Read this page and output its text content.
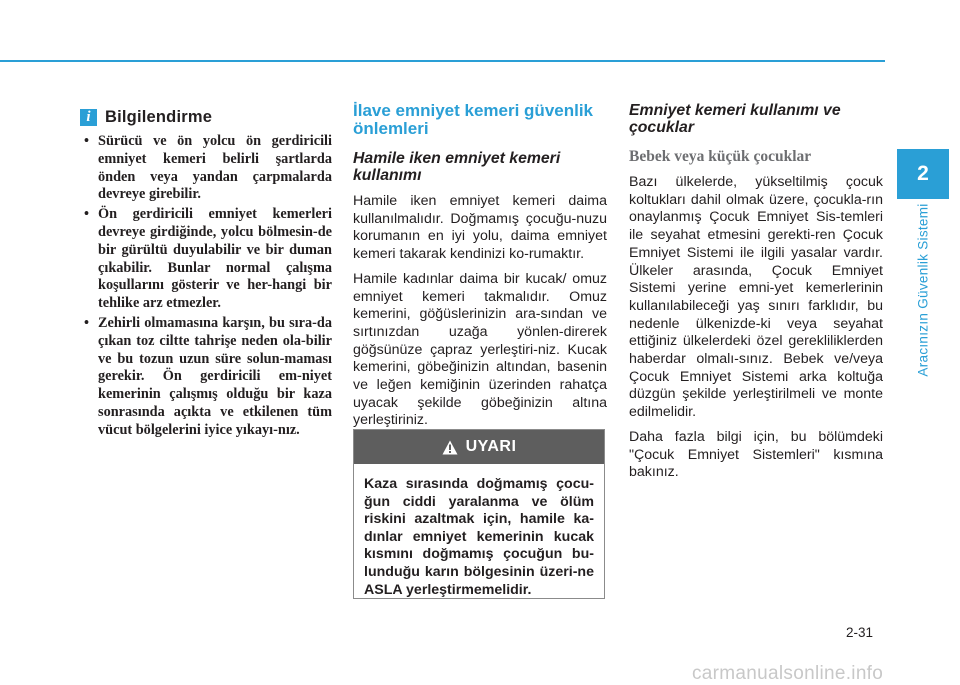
i Bilgilendirme
• Sürücü ve ön yolcu ön gerdiricili emniyet kemeri belirli şartlarda önden veya yandan çarpmalarda devreye girebilir.
• Ön gerdiricili emniyet kemerleri devreye girdiğinde, yolcu bölmesin-de bir gürültü duyulabilir ve bir duman çıkabilir. Bunlar normal çalışma koşullarını gösterir ve her-hangi bir tehlike arz etmezler.
• Zehirli olmamasına karşın, bu sıra-da çıkan toz ciltte tahrişe neden ola-bilir ve bu tozun uzun süre solun-maması gerekir. Ön gerdiricili em-niyet kemerinin çalışmış olduğu bir kaza sonrasında açıkta ve etkilenen tüm vücut bölgelerini iyice yıkayı-nız.
İlave emniyet kemeri güvenlik önlemleri
Hamile iken emniyet kemeri kullanımı

Hamile iken emniyet kemeri daima kullanılmalıdır. Doğmamış çocuğu-nuzu korumanın en iyi yolu, daima emniyet kemeri takarak kendinizi ko-rumaktır.

Hamile kadınlar daima bir kucak/ omuz emniyet kemeri takmalıdır. Omuz kemerini, göğüslerinizin ara-sından ve sırtınızdan uzağa yönlen-direrek göğsünüze çapraz yerleştiri-niz. Kucak kemerini, göbeğinizin altından, basenin ve leğen kemiğinin üzerinden rahatça uyacak şekilde göbeğinizin altına yerleştiriniz.

UYARI
Kaza sırasında doğmamış çocu-ğun ciddi yaralanma ve ölüm riskini azaltmak için, hamile ka-dınlar emniyet kemerinin kucak kısmını doğmamış çocuğun bu-lunduğu karın bölgesinin üzeri-ne ASLA yerleştirmemelidir.
Emniyet kemeri kullanımı ve çocuklar
Bebek veya küçük çocuklar

Bazı ülkelerde, yükseltilmiş çocuk koltukları dahil olmak üzere, çocukla-rın onaylanmış Çocuk Emniyet Sis-temleri ile seyahat etmesini gerekti-ren Çocuk Emniyet Sistemi ile ilgili yasalar vardır. Ülkeler arasında, Çocuk Emniyet Sistemi yerine emni-yet kemerlerinin kullanılabileceği yaş sınırı farklıdır, bu nedenle ülkenizde-ki veya seyahat ettiğiniz ülkelerdeki özel gerekliliklerden haberdar olmalı-sınız. Bebek ve/veya Çocuk Emniyet Sistemi arka koltuğa düzgün şekilde yerleştirilmeli ve monte edilmelidir.

Daha fazla bilgi için, bu bölümdeki "Çocuk Emniyet Sistemleri" kısmına bakınız.

2
Aracınızın Güvenlik Sistemi
2-31
carmanualsonline.info
